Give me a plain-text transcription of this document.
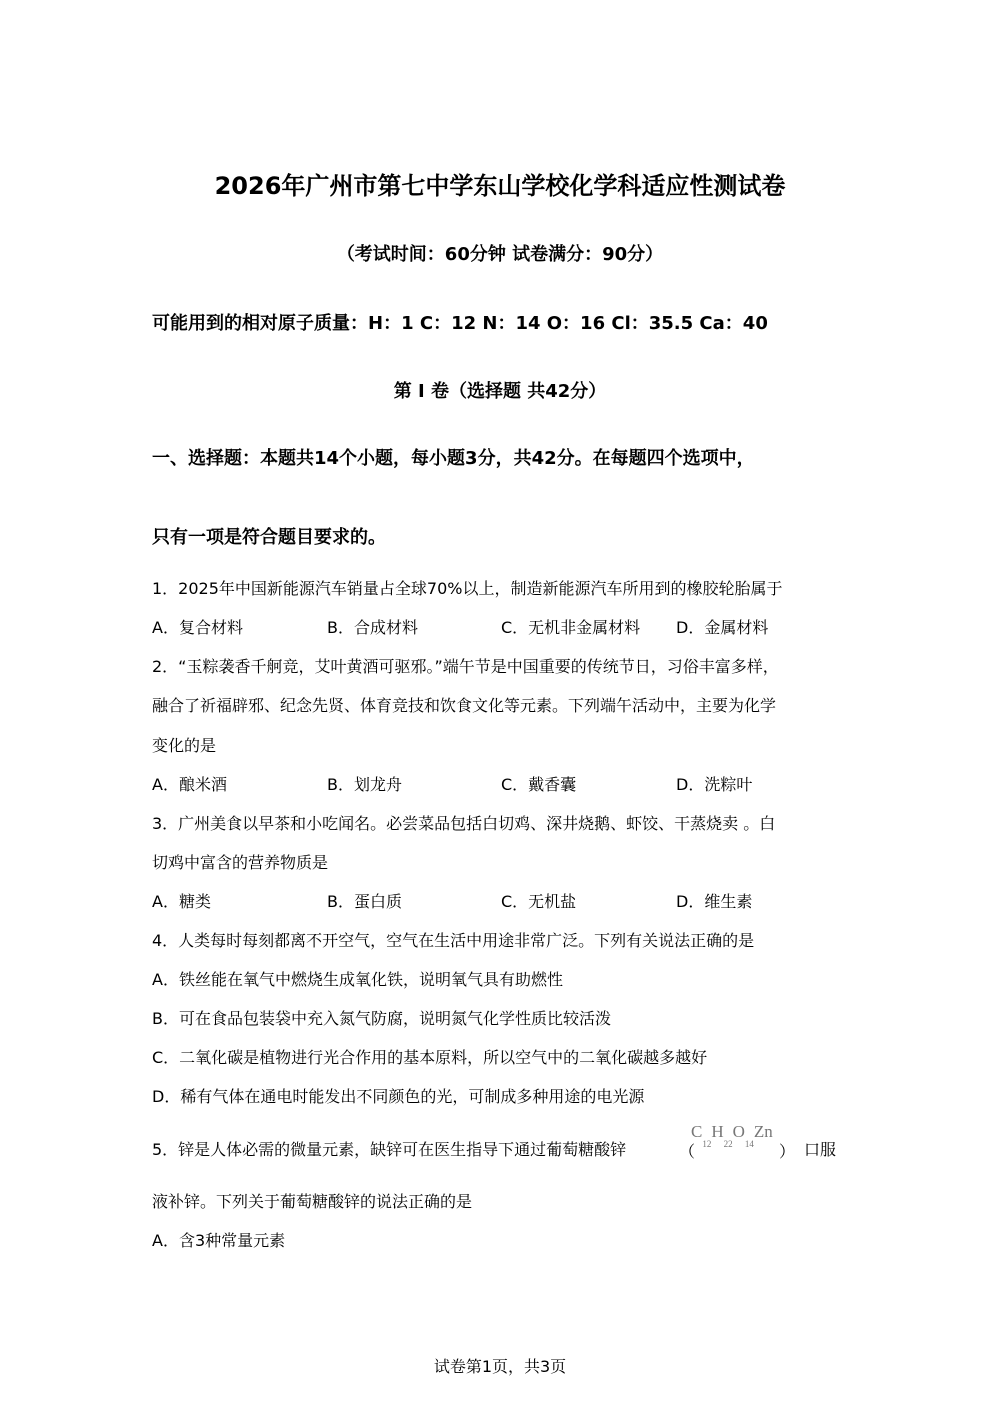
2026年广州市第七中学东山学校化学科适应性测试卷
（考试时间：60分钟 试卷满分：90分）
可能用到的相对原子质量：H：1 C：12 N：14 O：16 Cl：35.5 Ca：40
第 I 卷（选择题 共42分）
一、选择题：本题共14个小题，每小题3分，共42分。在每题四个选项中，
只有一项是符合题目要求的。
1．2025年中国新能源汽车销量占全球70%以上，制造新能源汽车所用到的橡胶轮胎属于
A．复合材料	B．合成材料	C．无机非金属材料 D．金属材料
2．“玉粽袭香千舸竞，艾叶黄酒可驱邪。”端午节是中国重要的传统节日，习俗丰富多样，
融合了祈福辟邪、纪念先贤、体育竞技和饮食文化等元素。下列端午活动中，主要为化学
变化的是
A．酿米酒	B．划龙舟	C．戴香囊	D．洗粽叶
3．广州美食以早茶和小吃闻名。必尝菜品包括白切鸡、深井烧鹅、虾饺、干蒸烧卖 。白
切鸡中富含的营养物质是
A．糖类	B．蛋白质	C．无机盐	D．维生素
4．人类每时每刻都离不开空气，空气在生活中用途非常广泛。下列有关说法正确的是
A．铁丝能在氧气中燃烧生成氧化铁，说明氧气具有助燃性
B．可在食品包装袋中充入氮气防腐，说明氮气化学性质比较活泼
C．二氧化碳是植物进行光合作用的基本原料，所以空气中的二氧化碳越多越好
D．稀有气体在通电时能发出不同颜色的光，可制成多种用途的电光源
5．锌是人体必需的微量元素，缺锌可在医生指导下通过葡萄糖酸锌	（
$C_{12}H_{22}O_{14}Zn$
） 口服
液补锌。下列关于葡萄糖酸锌的说法正确的是
A．含3种常量元素
试卷第1页，共3页
